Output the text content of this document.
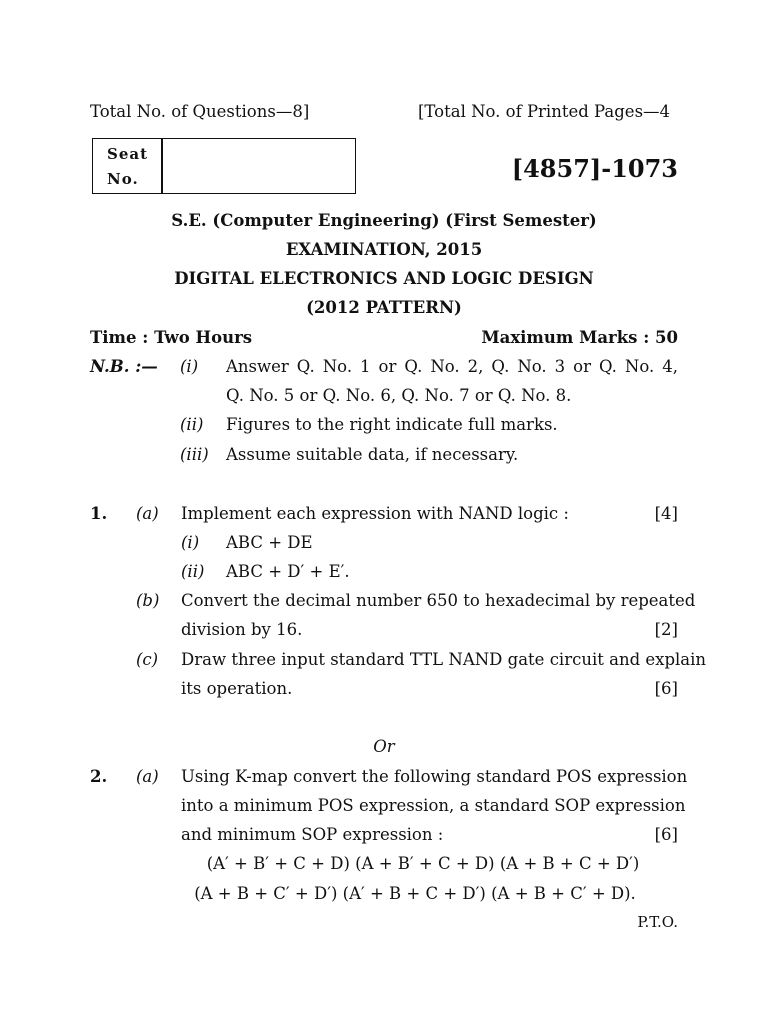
Total No. of Questions—8]	[Total No. of Printed Pages—4
Seat
No.	[4857]-1073
S.E. (Computer Engineering) (First Semester)
EXAMINATION, 2015
DIGITAL ELECTRONICS AND LOGIC DESIGN
(2012 PATTERN)
Time : Two Hours	Maximum Marks : 50
N.B. :— (i) Answer Q. No. 1 or Q. No. 2, Q. No. 3 or Q. No. 4,
Q. No. 5 or Q. No. 6, Q. No. 7 or Q. No. 8.
(ii) Figures to the right indicate full marks.
(iii) Assume suitable data, if necessary.
1. (a) Implement each expression with NAND logic :	[4]
(i) ABC + DE
(ii) ABC + D′ + E′.
(b) Convert the decimal number 650 to hexadecimal by repeated
division by 16.	[2]
(c) Draw three input standard TTL NAND gate circuit and explain
its operation.	[6]
Or
2. (a) Using K-map convert the following standard POS expression
into a minimum POS expression, a standard SOP expression
and minimum SOP expression :	[6]
(A′ + B′ + C + D) (A + B′ + C + D) (A + B + C + D′)
(A + B + C′ + D′) (A′ + B + C + D′) (A + B + C′ + D).
P.T.O.
